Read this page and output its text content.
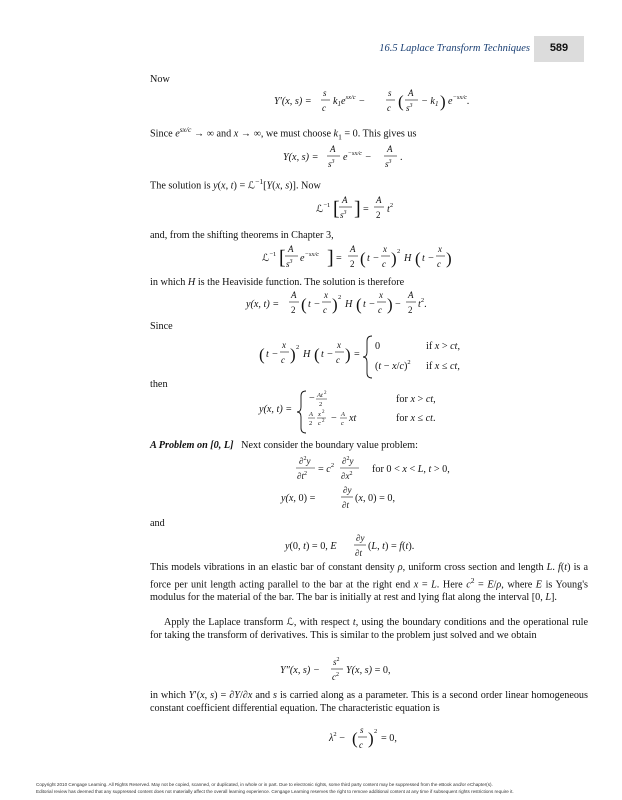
16.5 Laplace Transform Techniques	589

Now

Y′(x, s) =
s
c
$k1e^{sx/c}$ −
s
c ( A
$s^3 - k1$ ) $e^{-sx/c}$.

Since $e^{sx/c}$ → ∞ and x → ∞, we must choose $k_1 = 0$. This gives us

Y(x, s) =
A
$s^3$ $e^{-sx/c}$ −
A
$s^3$ .

The solution is y(x, t) = ℒ$^{-1}$[Y(x, s)]. Now

ℒ$^{-1}$ [ A
$s^3$ ] =
A
2 $t^2$

and, from the shifting theorems in Chapter 3,

ℒ$^{-1}$ [ A
$s^3$ $e^{-sx/c}$ ] =
A
2 ( t −
x
c ) 2
H ( t −
x
c )

in which H is the Heaviside function. The solution is therefore

y(x, t) =
A
2 ( t −
x
c ) 2
H ( t −
x
c ) −
A
2 $t^2$.

Since

( t −
x
c ) 2
H ( t −
x
c ) =
0	if x > ct,
$(t - x/c)^2$ if x ≤ ct,

then

y(x, t) =
− At 2
2	for x > ct,
A
2
x 2
c 2 − A
c xt	for x ≤ ct.

A Problem on [0, L] Next consider the boundary value problem:

∂$^2$y
$\partial t^2 = c^2$ ∂$^2$y
$\partial x^2$ for 0 < x < L, t > 0,
y(x, 0) =
∂y
∂t
(x, 0) = 0,

and

y(0, t) = 0, E
∂y
∂t
(L, t) = f(t).

This models vibrations in an elastic bar of constant density ρ, uniform cross section and length L. f(t) is a force per unit length acting parallel to the bar at the right end x = L. Here $c^2 = E/\rho$, where E is Young's modulus for the material of the bar. The bar is initially at rest and lying flat along the interval [0, L].

Apply the Laplace transform ℒ, with respect t, using the boundary conditions and the operational rule for taking the transform of derivatives. This is similar to the problem just solved and we obtain

Y″(x, s) −
$s^2$
$c^2$ Y(x, s) = 0,

in which Y′(x, s) = ∂Y/∂x and s is carried along as a parameter. This is a second order linear homogeneous constant coefficient differential equation. The characteristic equation is

$\lambda^2$ − ( s
c ) 2
= 0,
Copyright 2010 Cengage Learning. All Rights Reserved. May not be copied, scanned, or duplicated, in whole or in part. Due to electronic rights, some third party content may be suppressed from the eBook and/or eChapter(s).
Editorial review has deemed that any suppressed content does not materially affect the overall learning experience. Cengage Learning reserves the right to remove additional content at any time if subsequent rights restrictions require it.
